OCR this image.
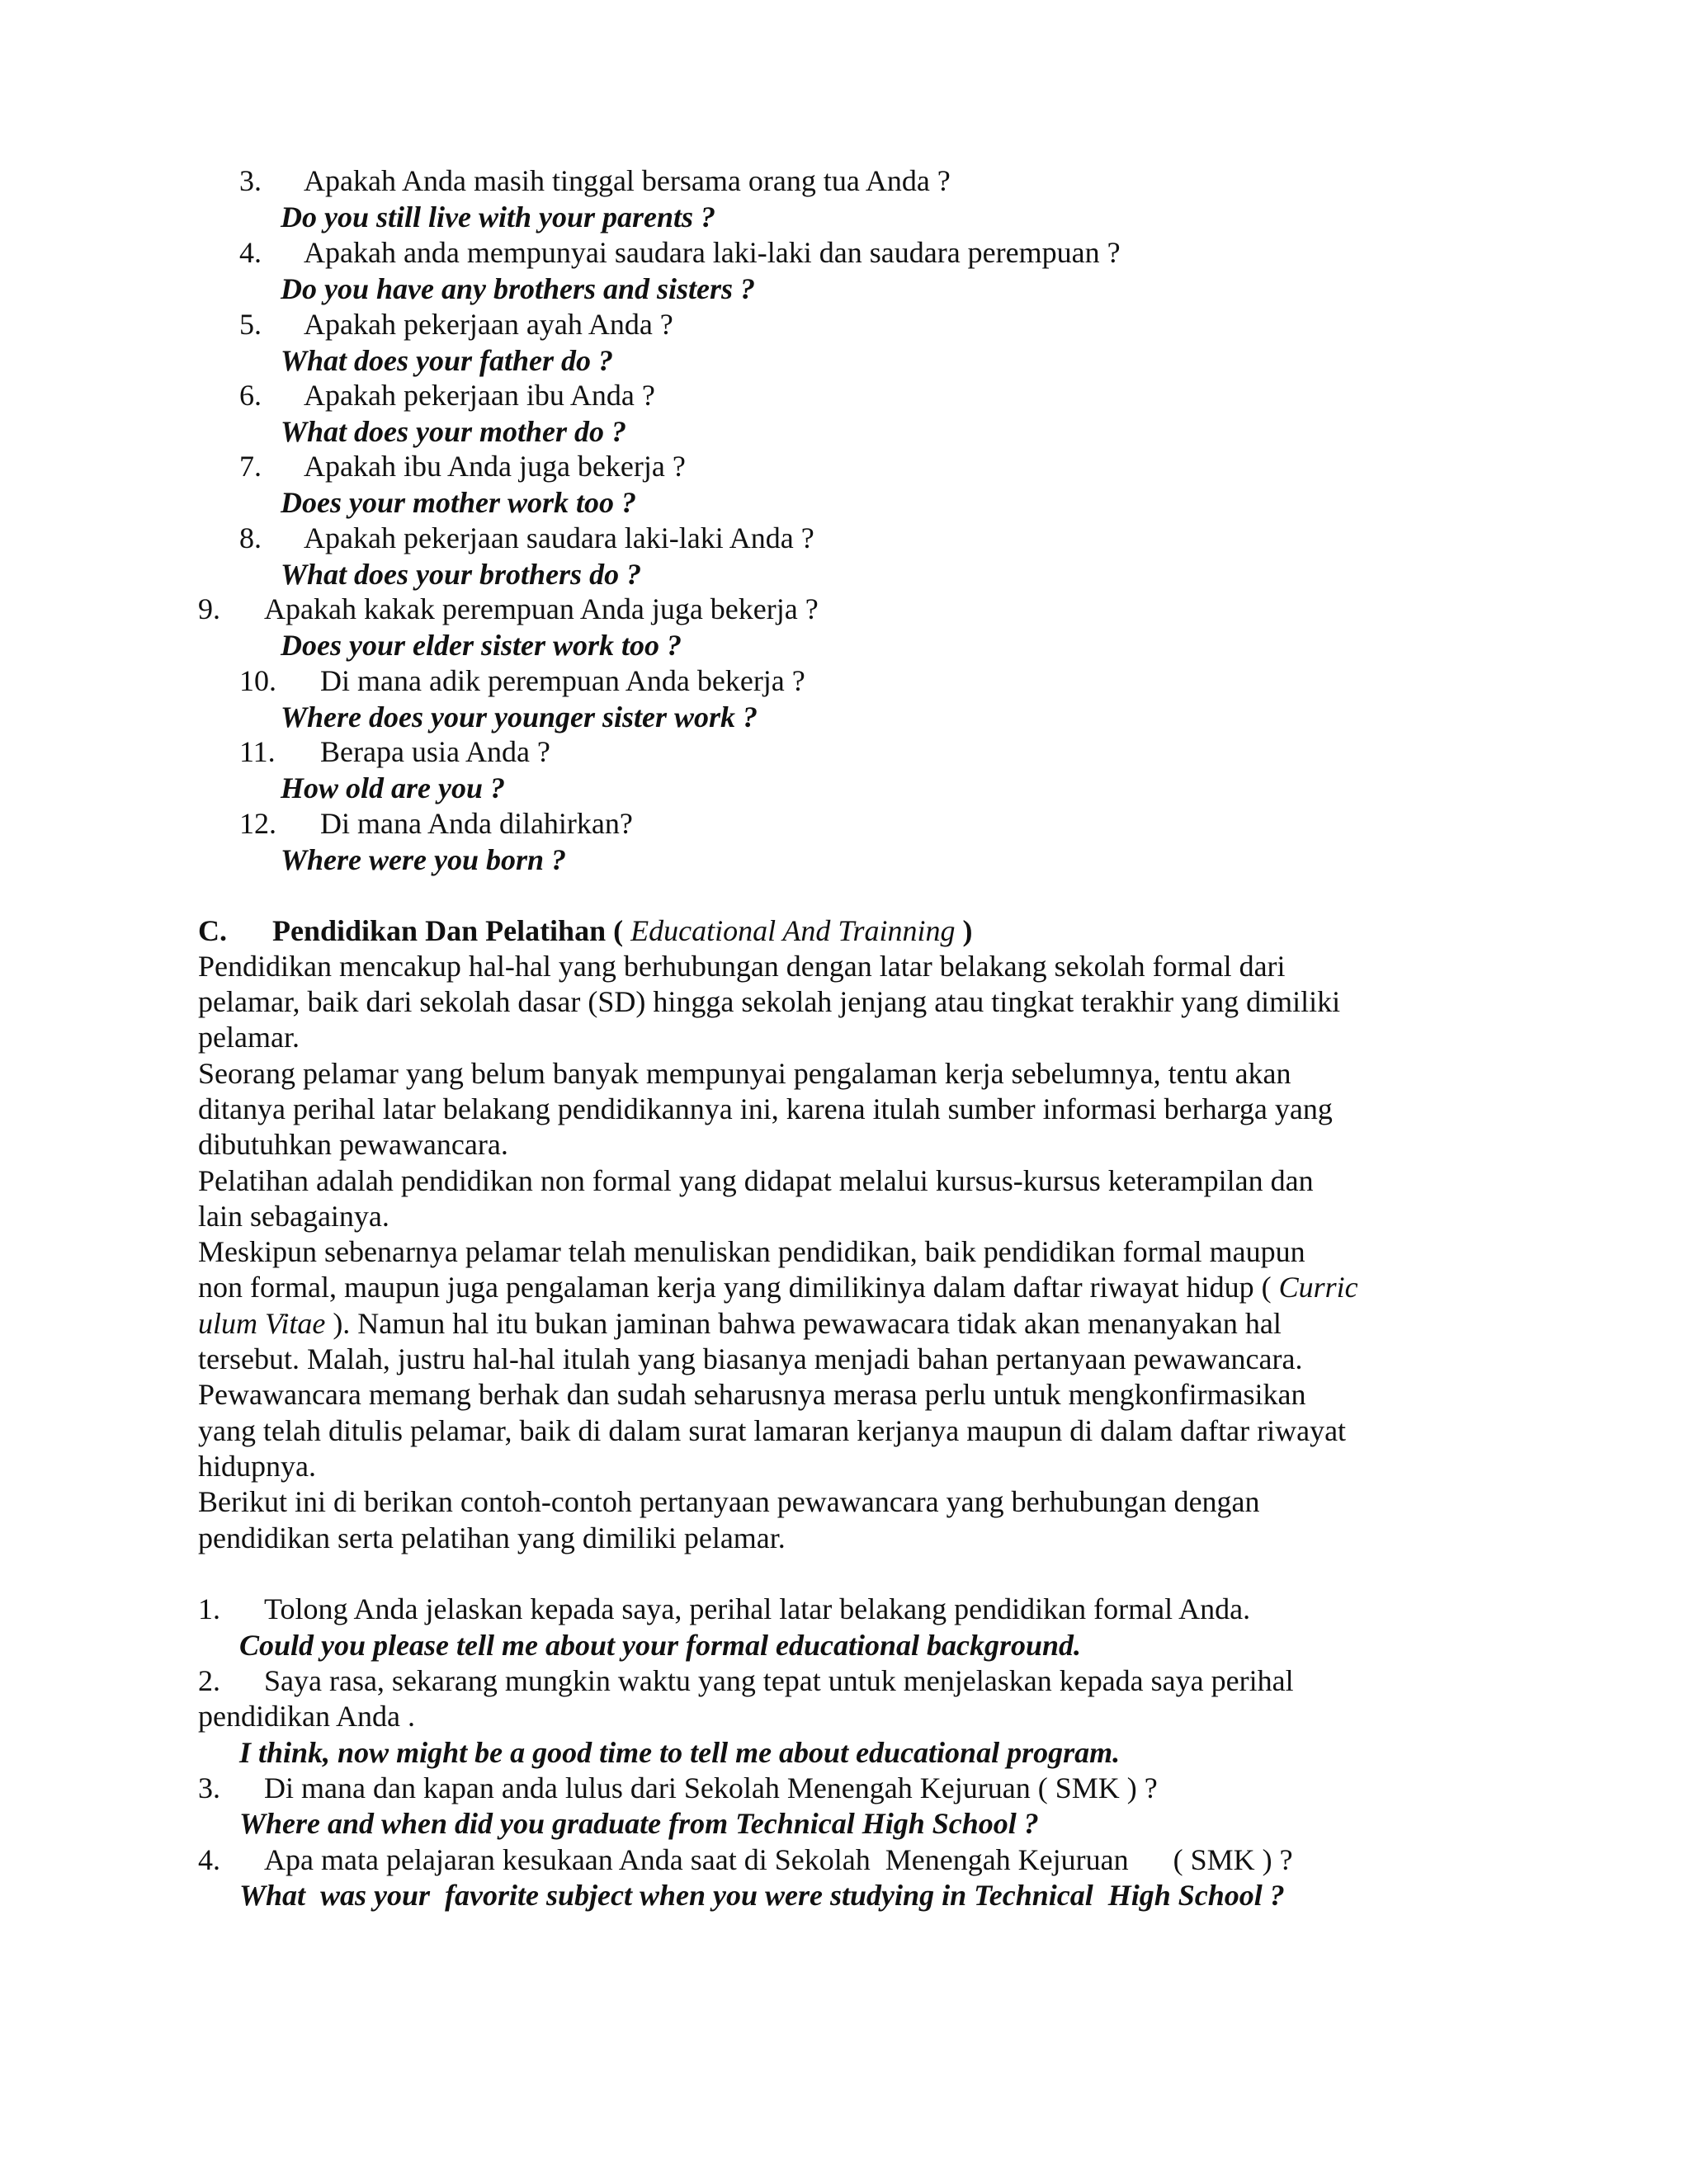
3. Apakah Anda masih tinggal bersama orang tua Anda ?
Do you still live with your parents ?
4. Apakah anda mempunyai saudara laki-laki dan saudara perempuan ?
Do you have any brothers and sisters ?
5. Apakah pekerjaan ayah Anda ?
What does your father do ?
6. Apakah pekerjaan ibu Anda ?
What does your mother do ?
7. Apakah ibu Anda juga bekerja ?
Does your mother work too ?
8. Apakah pekerjaan saudara laki-laki Anda ?
What does your brothers do ?
9. Apakah kakak perempuan Anda juga bekerja ?
Does your elder sister work too ?
10. Di mana adik perempuan Anda bekerja ?
Where does your younger sister work ?
11. Berapa usia Anda ?
How old are you ?
12. Di mana Anda dilahirkan?
Where were you born ?
C. Pendidikan Dan Pelatihan ( Educational And Trainning )
Pendidikan mencakup hal-hal yang berhubungan dengan latar belakang sekolah formal dari
pelamar, baik dari sekolah dasar (SD) hingga sekolah jenjang atau tingkat terakhir yang dimiliki
pelamar.
Seorang pelamar yang belum banyak mempunyai pengalaman kerja sebelumnya, tentu akan
ditanya perihal latar belakang pendidikannya ini, karena itulah sumber informasi berharga yang
dibutuhkan pewawancara.
Pelatihan adalah pendidikan non formal yang didapat melalui kursus-kursus keterampilan dan
lain sebagainya.
Meskipun sebenarnya pelamar telah menuliskan pendidikan, baik pendidikan formal maupun
non formal, maupun juga pengalaman kerja yang dimilikinya dalam daftar riwayat hidup ( Curric
ulum Vitae ). Namun hal itu bukan jaminan bahwa pewawacara tidak akan menanyakan hal
tersebut. Malah, justru hal-hal itulah yang biasanya menjadi bahan pertanyaan pewawancara.
Pewawancara memang berhak dan sudah seharusnya merasa perlu untuk mengkonfirmasikan
yang telah ditulis pelamar, baik di dalam surat lamaran kerjanya maupun di dalam daftar riwayat
hidupnya.
Berikut ini di berikan contoh-contoh pertanyaan pewawancara yang berhubungan dengan
pendidikan serta pelatihan yang dimiliki pelamar.
1. Tolong Anda jelaskan kepada saya, perihal latar belakang pendidikan formal Anda.
Could you please tell me about your formal educational background.
2. Saya rasa, sekarang mungkin waktu yang tepat untuk menjelaskan kepada saya perihal
pendidikan Anda .
I think, now might be a good time to tell me about educational program.
3. Di mana dan kapan anda lulus dari Sekolah Menengah Kejuruan ( SMK ) ?
Where and when did you graduate from Technical High School ?
4. Apa mata pelajaran kesukaan Anda saat di Sekolah  Menengah Kejuruan      ( SMK ) ?
What  was your  favorite subject when you were studying in Technical  High School ?
